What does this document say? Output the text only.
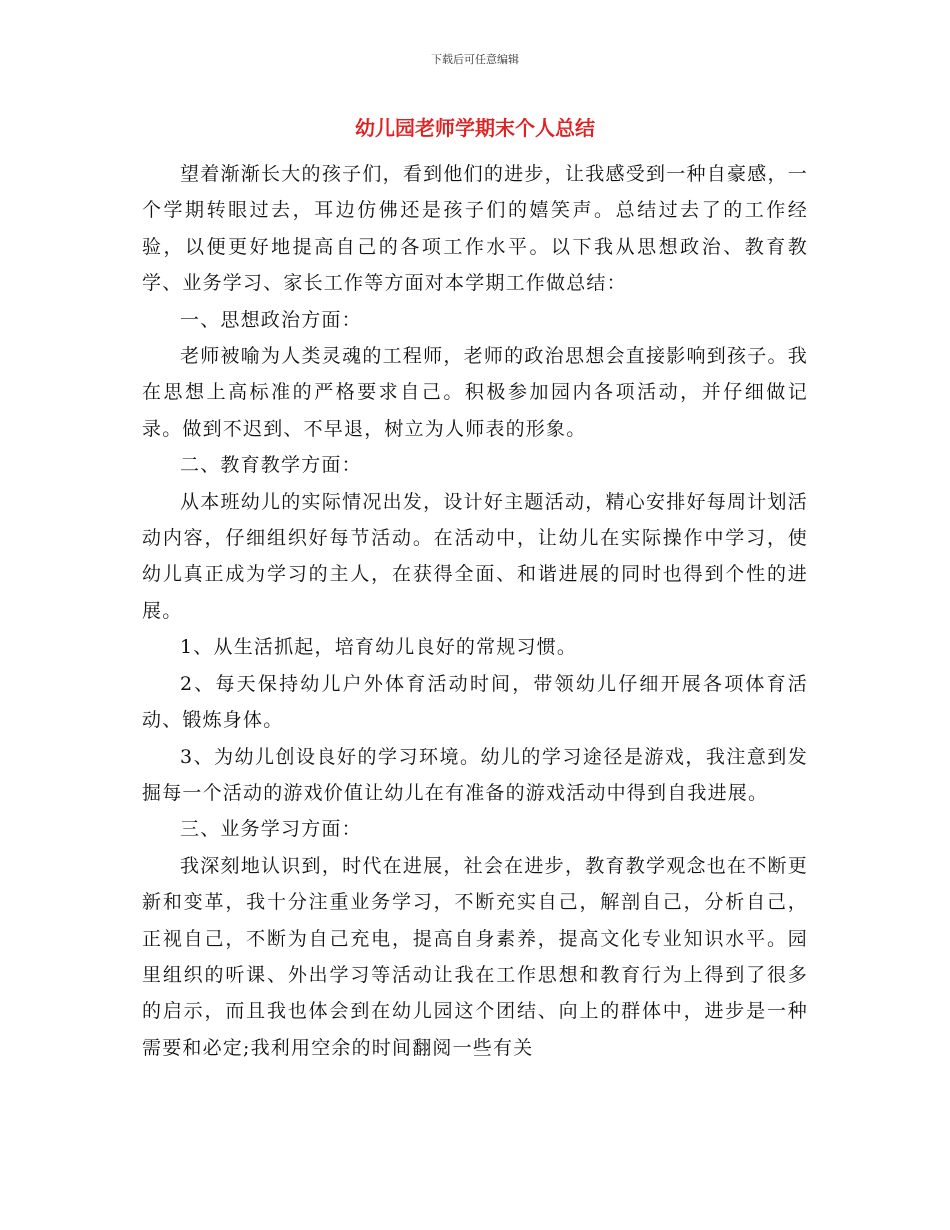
下载后可任意编辑
幼儿园老师学期末个人总结

望着渐渐长大的孩子们，看到他们的进步，让我感受到一种自豪感，一个学期转眼过去，耳边仿佛还是孩子们的嬉笑声。总结过去了的工作经验，以便更好地提高自己的各项工作水平。以下我从思想政治、教育教学、业务学习、家长工作等方面对本学期工作做总结：

一、思想政治方面：

老师被喻为人类灵魂的工程师，老师的政治思想会直接影响到孩子。我在思想上高标准的严格要求自己。积极参加园内各项活动，并仔细做记录。做到不迟到、不早退，树立为人师表的形象。

二、教育教学方面：

从本班幼儿的实际情况出发，设计好主题活动，精心安排好每周计划活动内容，仔细组织好每节活动。在活动中，让幼儿在实际操作中学习，使幼儿真正成为学习的主人，在获得全面、和谐进展的同时也得到个性的进展。

1、从生活抓起，培育幼儿良好的常规习惯。

2、每天保持幼儿户外体育活动时间，带领幼儿仔细开展各项体育活动、锻炼身体。

3、为幼儿创设良好的学习环境。幼儿的学习途径是游戏，我注意到发掘每一个活动的游戏价值让幼儿在有准备的游戏活动中得到自我进展。

三、业务学习方面：

我深刻地认识到，时代在进展，社会在进步，教育教学观念也在不断更新和变革，我十分注重业务学习，不断充实自己，解剖自己，分析自己，正视自己，不断为自己充电，提高自身素养，提高文化专业知识水平。园里组织的听课、外出学习等活动让我在工作思想和教育行为上得到了很多的启示，而且我也体会到在幼儿园这个团结、向上的群体中，进步是一种需要和必定;我利用空余的时间翻阅一些有关
